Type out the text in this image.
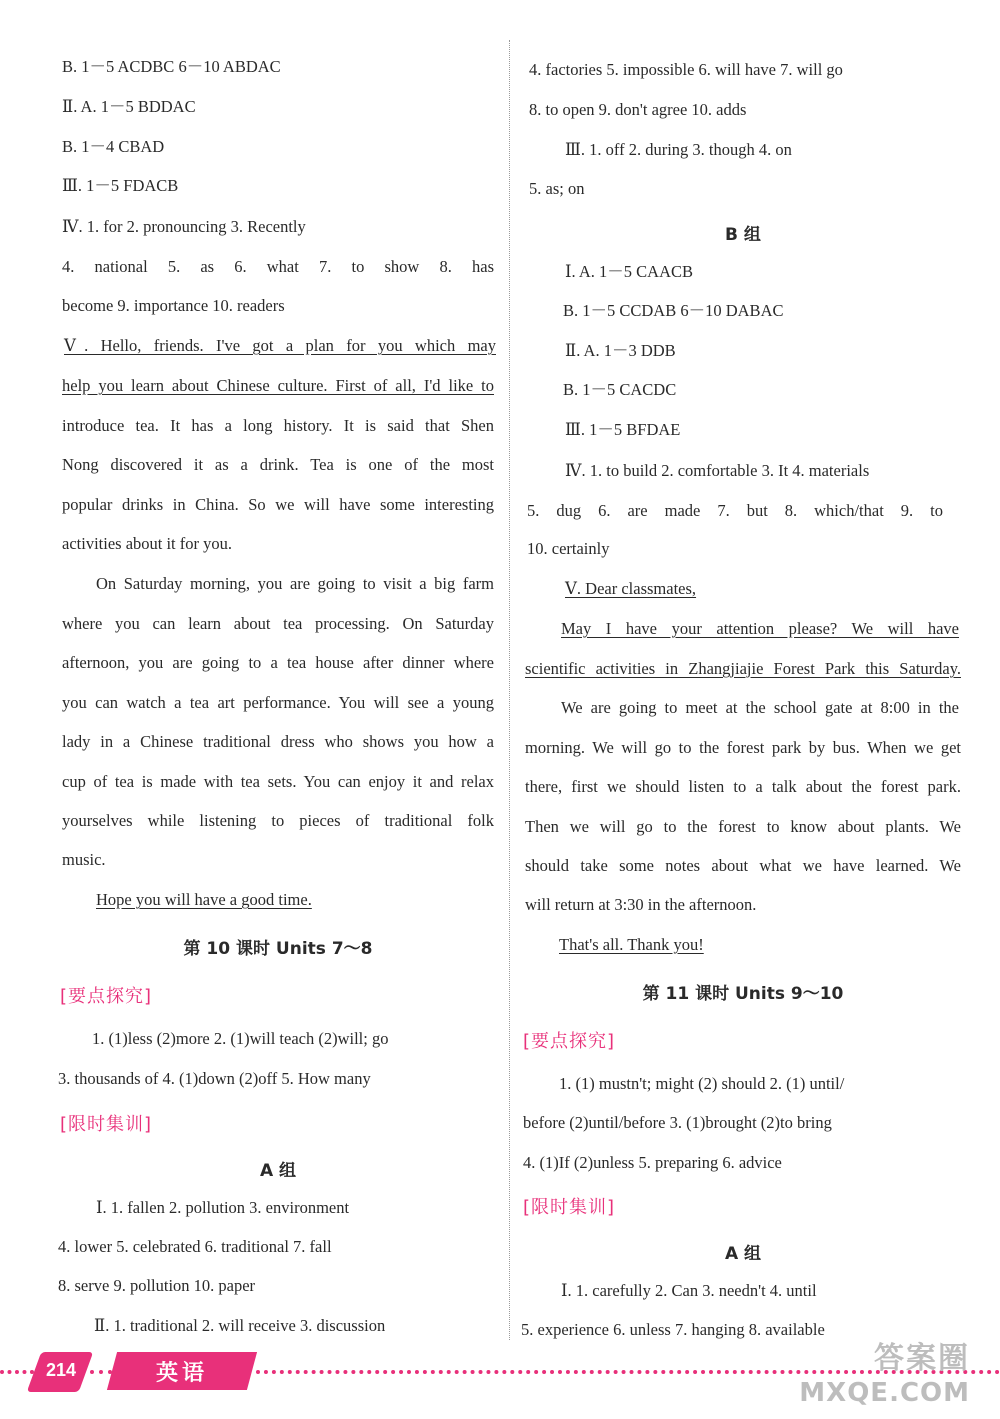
B. 1－5 ACDBC 6－10 ABDAC
Ⅱ. A. 1－5 BDDAC
B. 1－4 CBAD
Ⅲ. 1－5 FDACB
Ⅳ. 1. for 2. pronouncing 3. Recently
4. national 5. as 6. what 7. to show 8. has
become 9. importance 10. readers
Ⅴ. Hello, friends. I've got a plan for you which may
help you learn about Chinese culture. First of all, I'd like to
introduce tea. It has a long history. It is said that Shen
Nong discovered it as a drink. Tea is one of the most
popular drinks in China. So we will have some interesting
activities about it for you.
On Saturday morning, you are going to visit a big farm
where you can learn about tea processing. On Saturday
afternoon, you are going to a tea house after dinner where
you can watch a tea art performance. You will see a young
lady in a Chinese traditional dress who shows you how a
cup of tea is made with tea sets. You can enjoy it and relax
yourselves while listening to pieces of traditional folk
music.
Hope you will have a good time.
第 10 课时 Units 7～8
[要点探究]
1. (1)less (2)more 2. (1)will teach (2)will; go
3. thousands of 4. (1)down (2)off 5. How many
[限时集训]
A 组
Ⅰ. 1. fallen 2. pollution 3. environment
4. lower 5. celebrated 6. traditional 7. fall
8. serve 9. pollution 10. paper
Ⅱ. 1. traditional 2. will receive 3. discussion
4. factories 5. impossible 6. will have 7. will go
8. to open 9. don't agree 10. adds
Ⅲ. 1. off 2. during 3. though 4. on
5. as; on
B 组
Ⅰ. A. 1－5 CAACB
B. 1－5 CCDAB 6－10 DABAC
Ⅱ. A. 1－3 DDB
B. 1－5 CACDC
Ⅲ. 1－5 BFDAE
Ⅳ. 1. to build 2. comfortable 3. It 4. materials
5. dug 6. are made 7. but 8. which/that 9. to
10. certainly
Ⅴ. Dear classmates,
May I have your attention please? We will have
scientific activities in Zhangjiajie Forest Park this Saturday.
We are going to meet at the school gate at 8:00 in the
morning. We will go to the forest park by bus. When we get
there, first we should listen to a talk about the forest park.
Then we will go to the forest to know about plants. We
should take some notes about what we have learned. We
will return at 3:30 in the afternoon.
That's all. Thank you!
第 11 课时 Units 9～10
[要点探究]
1. (1) mustn't; might (2) should 2. (1) until/
before (2)until/before 3. (1)brought (2)to bring
4. (1)If (2)unless 5. preparing 6. advice
[限时集训]
A 组
Ⅰ. 1. carefully 2. Can 3. needn't 4. until
5. experience 6. unless 7. hanging 8. available
214	英语	答案圈
MXQE.COM
